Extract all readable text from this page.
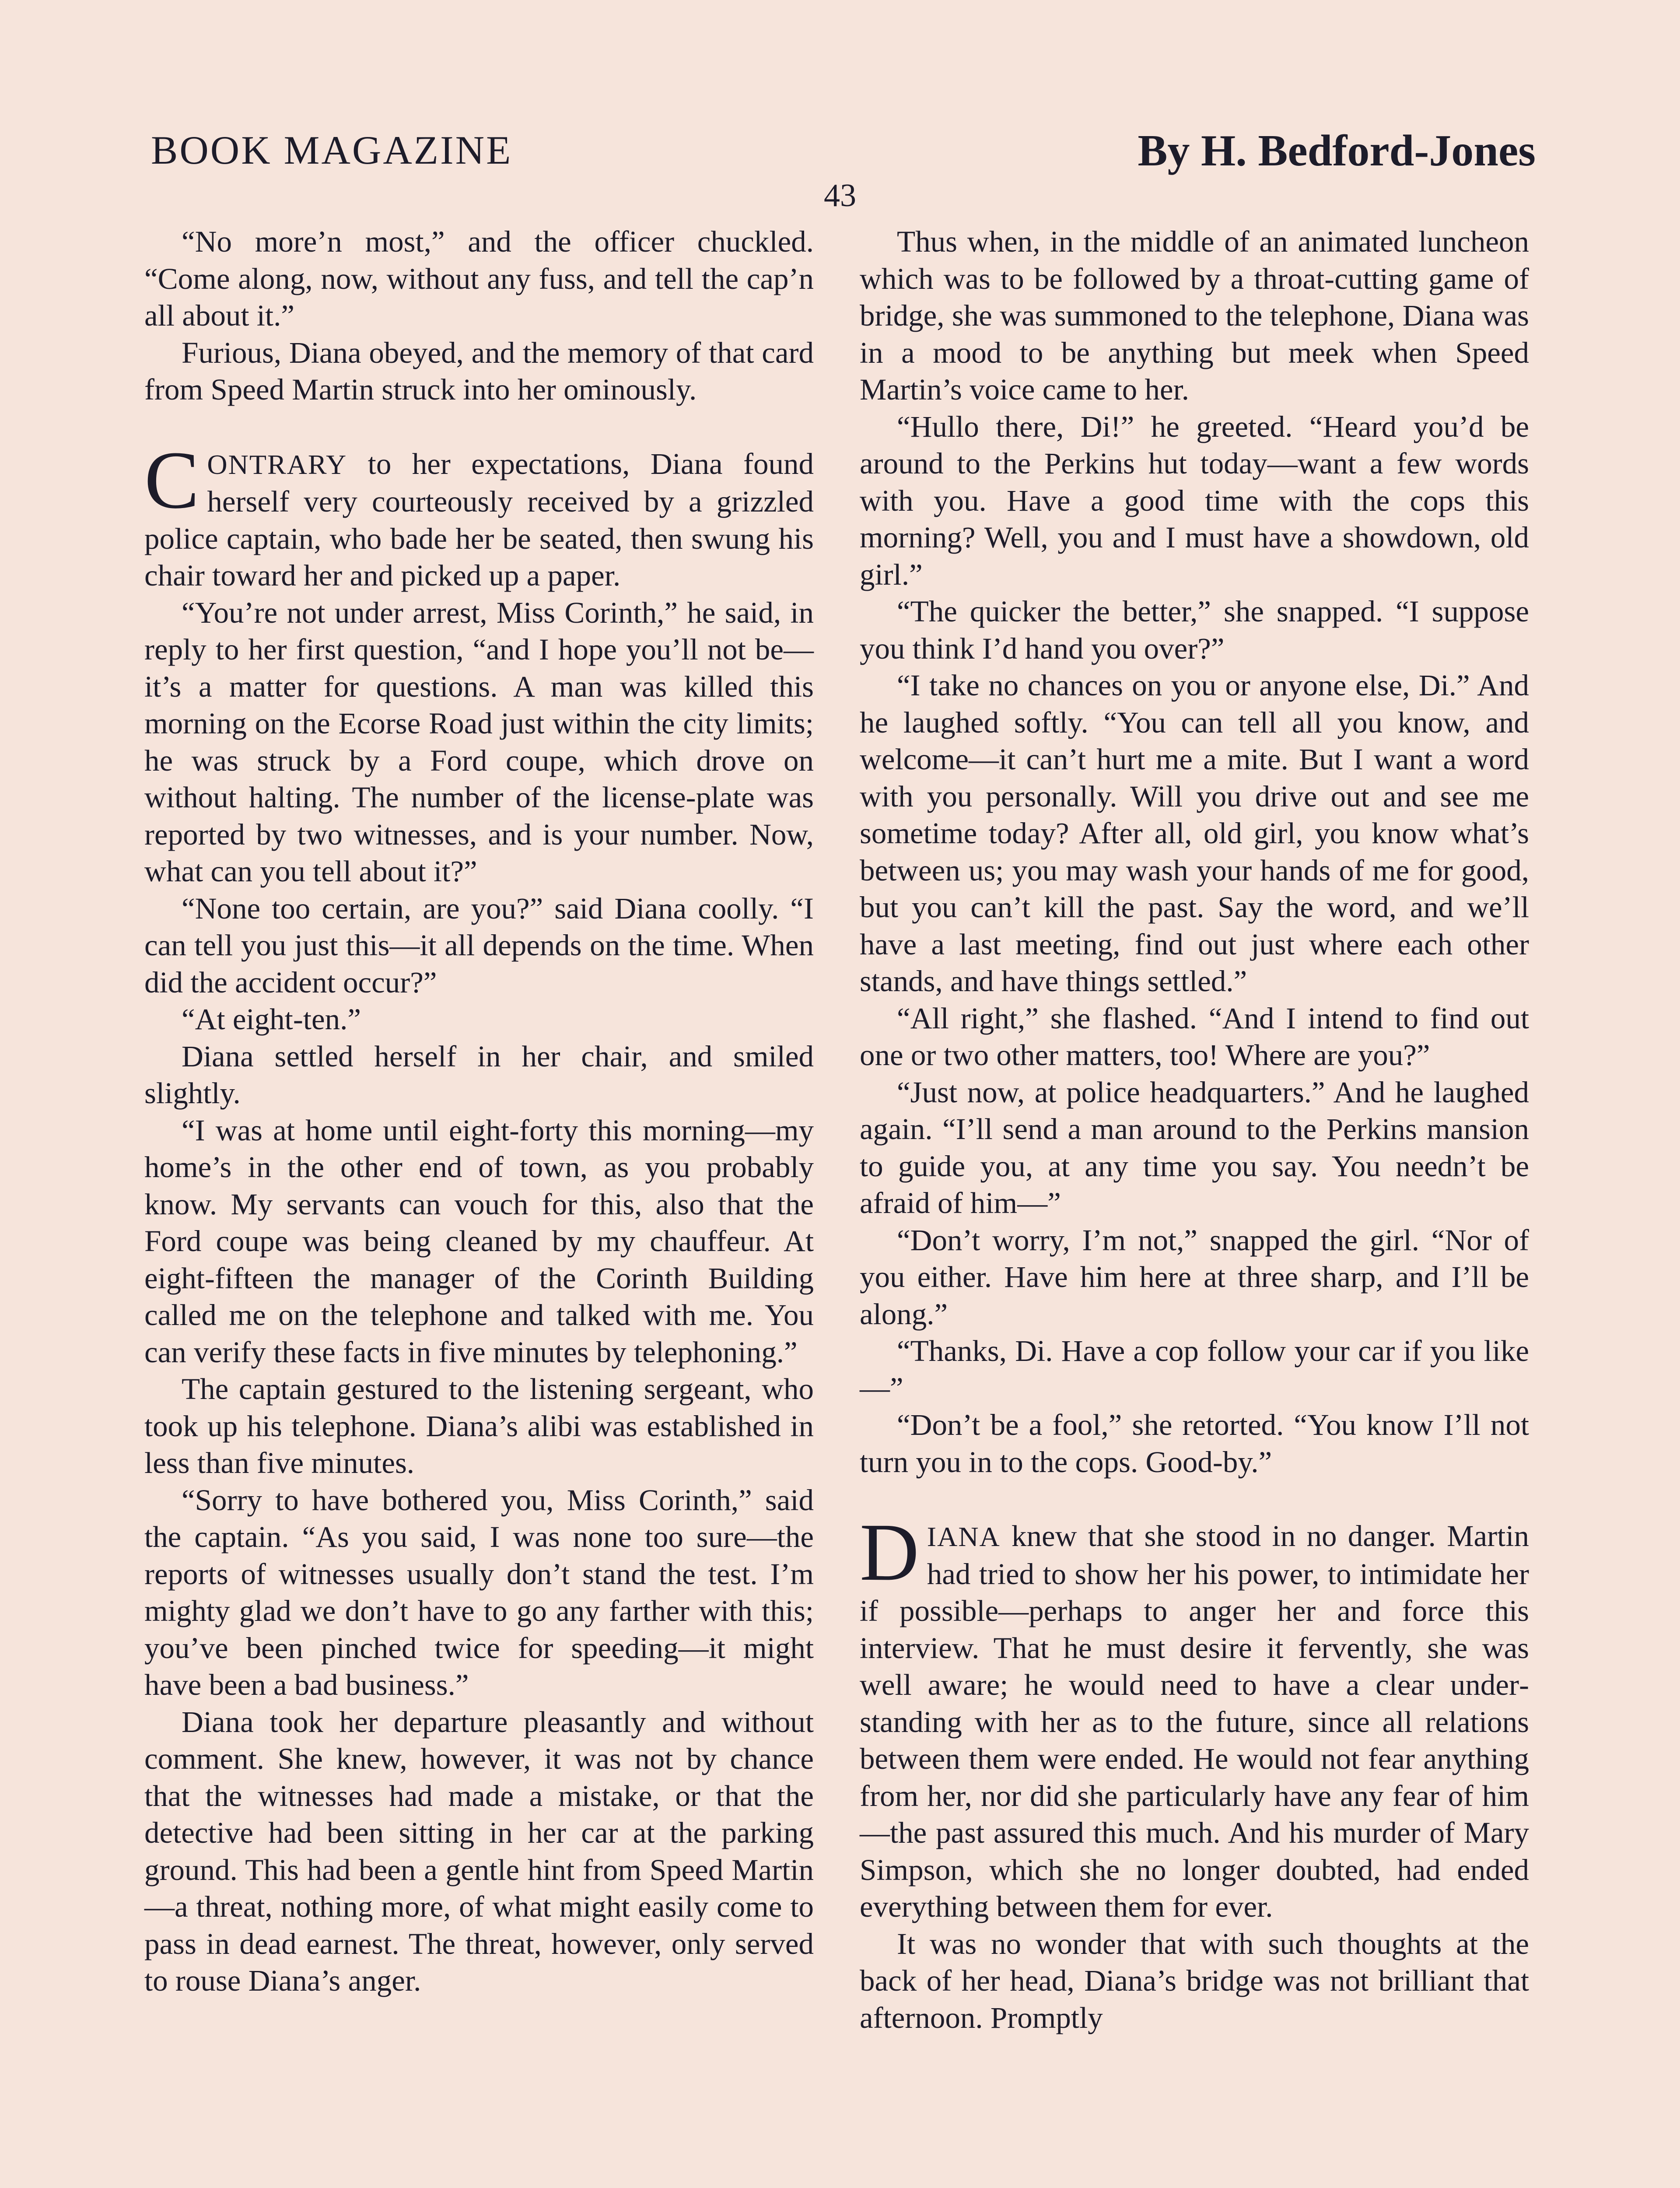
BOOK MAGAZINE	By H. Bedford-Jones
43

“No more’n most,” and the officer chuckled. “Come along, now, without any fuss, and tell the cap’n all about it.”

Furious, Diana obeyed, and the memory of that card from Speed Martin struck into her ominously.

CONTRARY to her expectations, Diana found herself very courteously received by a grizzled police captain, who bade her be seated, then swung his chair toward her and picked up a paper.

“You’re not under arrest, Miss Corinth,” he said, in reply to her first question, “and I hope you’ll not be—it’s a matter for questions. A man was killed this morning on the Ecorse Road just within the city limits; he was struck by a Ford coupe, which drove on without halting. The number of the license-plate was reported by two witnesses, and is your number. Now, what can you tell about it?”

“None too certain, are you?” said Diana coolly. “I can tell you just this—it all depends on the time. When did the accident occur?”

“At eight-ten.”

Diana settled herself in her chair, and smiled slightly.

“I was at home until eight-forty this morning—my home’s in the other end of town, as you probably know. My servants can vouch for this, also that the Ford coupe was being cleaned by my chauffeur. At eight-fifteen the manager of the Corinth Building called me on the telephone and talked with me. You can verify these facts in five minutes by telephoning.”

The captain gestured to the listening sergeant, who took up his telephone. Diana’s alibi was established in less than five minutes.

“Sorry to have bothered you, Miss Corinth,” said the captain. “As you said, I was none too sure—the reports of witnesses usually don’t stand the test. I’m mighty glad we don’t have to go any farther with this; you’ve been pinched twice for speeding—it might have been a bad business.”

Diana took her departure pleasantly and without comment. She knew, however, it was not by chance that the witnesses had made a mistake, or that the detective had been sitting in her car at the parking ground. This had been a gentle hint from Speed Martin—a threat, nothing more, of what might easily come to pass in dead earnest. The threat, however, only served to rouse Diana’s anger.

Thus when, in the middle of an animated luncheon which was to be followed by a throat-cutting game of bridge, she was summoned to the telephone, Diana was in a mood to be anything but meek when Speed Martin’s voice came to her.

“Hullo there, Di!” he greeted. “Heard you’d be around to the Perkins hut today—want a few words with you. Have a good time with the cops this morning? Well, you and I must have a showdown, old girl.”

“The quicker the better,” she snapped. “I suppose you think I’d hand you over?”

“I take no chances on you or anyone else, Di.” And he laughed softly. “You can tell all you know, and welcome—it can’t hurt me a mite. But I want a word with you personally. Will you drive out and see me sometime today? After all, old girl, you know what’s between us; you may wash your hands of me for good, but you can’t kill the past. Say the word, and we’ll have a last meeting, find out just where each other stands, and have things settled.”

“All right,” she flashed. “And I intend to find out one or two other matters, too! Where are you?”

“Just now, at police headquarters.” And he laughed again. “I’ll send a man around to the Perkins mansion to guide you, at any time you say. You needn’t be afraid of him—”

“Don’t worry, I’m not,” snapped the girl. “Nor of you either. Have him here at three sharp, and I’ll be along.”

“Thanks, Di. Have a cop follow your car if you like—”

“Don’t be a fool,” she retorted. “You know I’ll not turn you in to the cops. Good-by.”

DIANA knew that she stood in no danger. Martin had tried to show her his power, to intimidate her if possible—perhaps to anger her and force this interview. That he must desire it fervently, she was well aware; he would need to have a clear understanding with her as to the future, since all relations between them were ended. He would not fear anything from her, nor did she particularly have any fear of him—the past assured this much. And his murder of Mary Simpson, which she no longer doubted, had ended everything between them for ever.

It was no wonder that with such thoughts at the back of her head, Diana’s bridge was not brilliant that afternoon. Promptly
